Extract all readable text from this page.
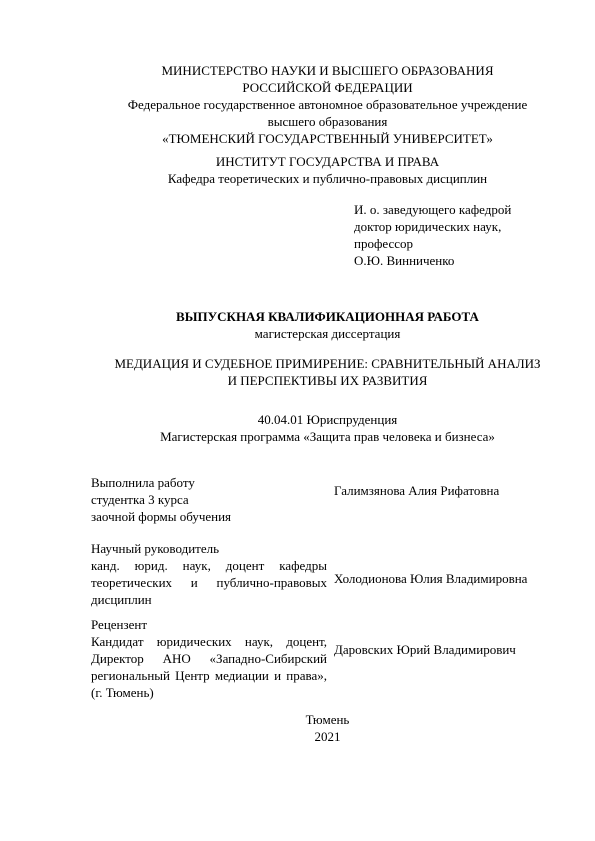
МИНИСТЕРСТВО НАУКИ И ВЫСШЕГО ОБРАЗОВАНИЯ
РОССИЙСКОЙ ФЕДЕРАЦИИ
Федеральное государственное автономное образовательное учреждение
высшего образования
«ТЮМЕНСКИЙ ГОСУДАРСТВЕННЫЙ УНИВЕРСИТЕТ»
ИНСТИТУТ ГОСУДАРСТВА И ПРАВА
Кафедра теоретических и публично-правовых дисциплин
И. о. заведующего кафедрой
доктор юридических наук,
профессор
О.Ю. Винниченко
ВЫПУСКНАЯ КВАЛИФИКАЦИОННАЯ РАБОТА
магистерская диссертация
МЕДИАЦИЯ И СУДЕБНОЕ ПРИМИРЕНИЕ: СРАВНИТЕЛЬНЫЙ АНАЛИЗ
И ПЕРСПЕКТИВЫ ИХ РАЗВИТИЯ
40.04.01 Юриспруденция
Магистерская программа «Защита прав человека и бизнеса»
Выполнила работу
студентка 3 курса
заочной формы обучения
Галимзянова Алия Рифатовна
Научный руководитель
канд. юрид. наук, доцент кафедры теоретических и публично-правовых дисциплин
Холодионова Юлия Владимировна
Рецензент
Кандидат юридических наук, доцент, Директор АНО «Западно-Сибирский региональный Центр медиации и права», (г. Тюмень)
Даровских Юрий Владимирович
Тюмень
2021
